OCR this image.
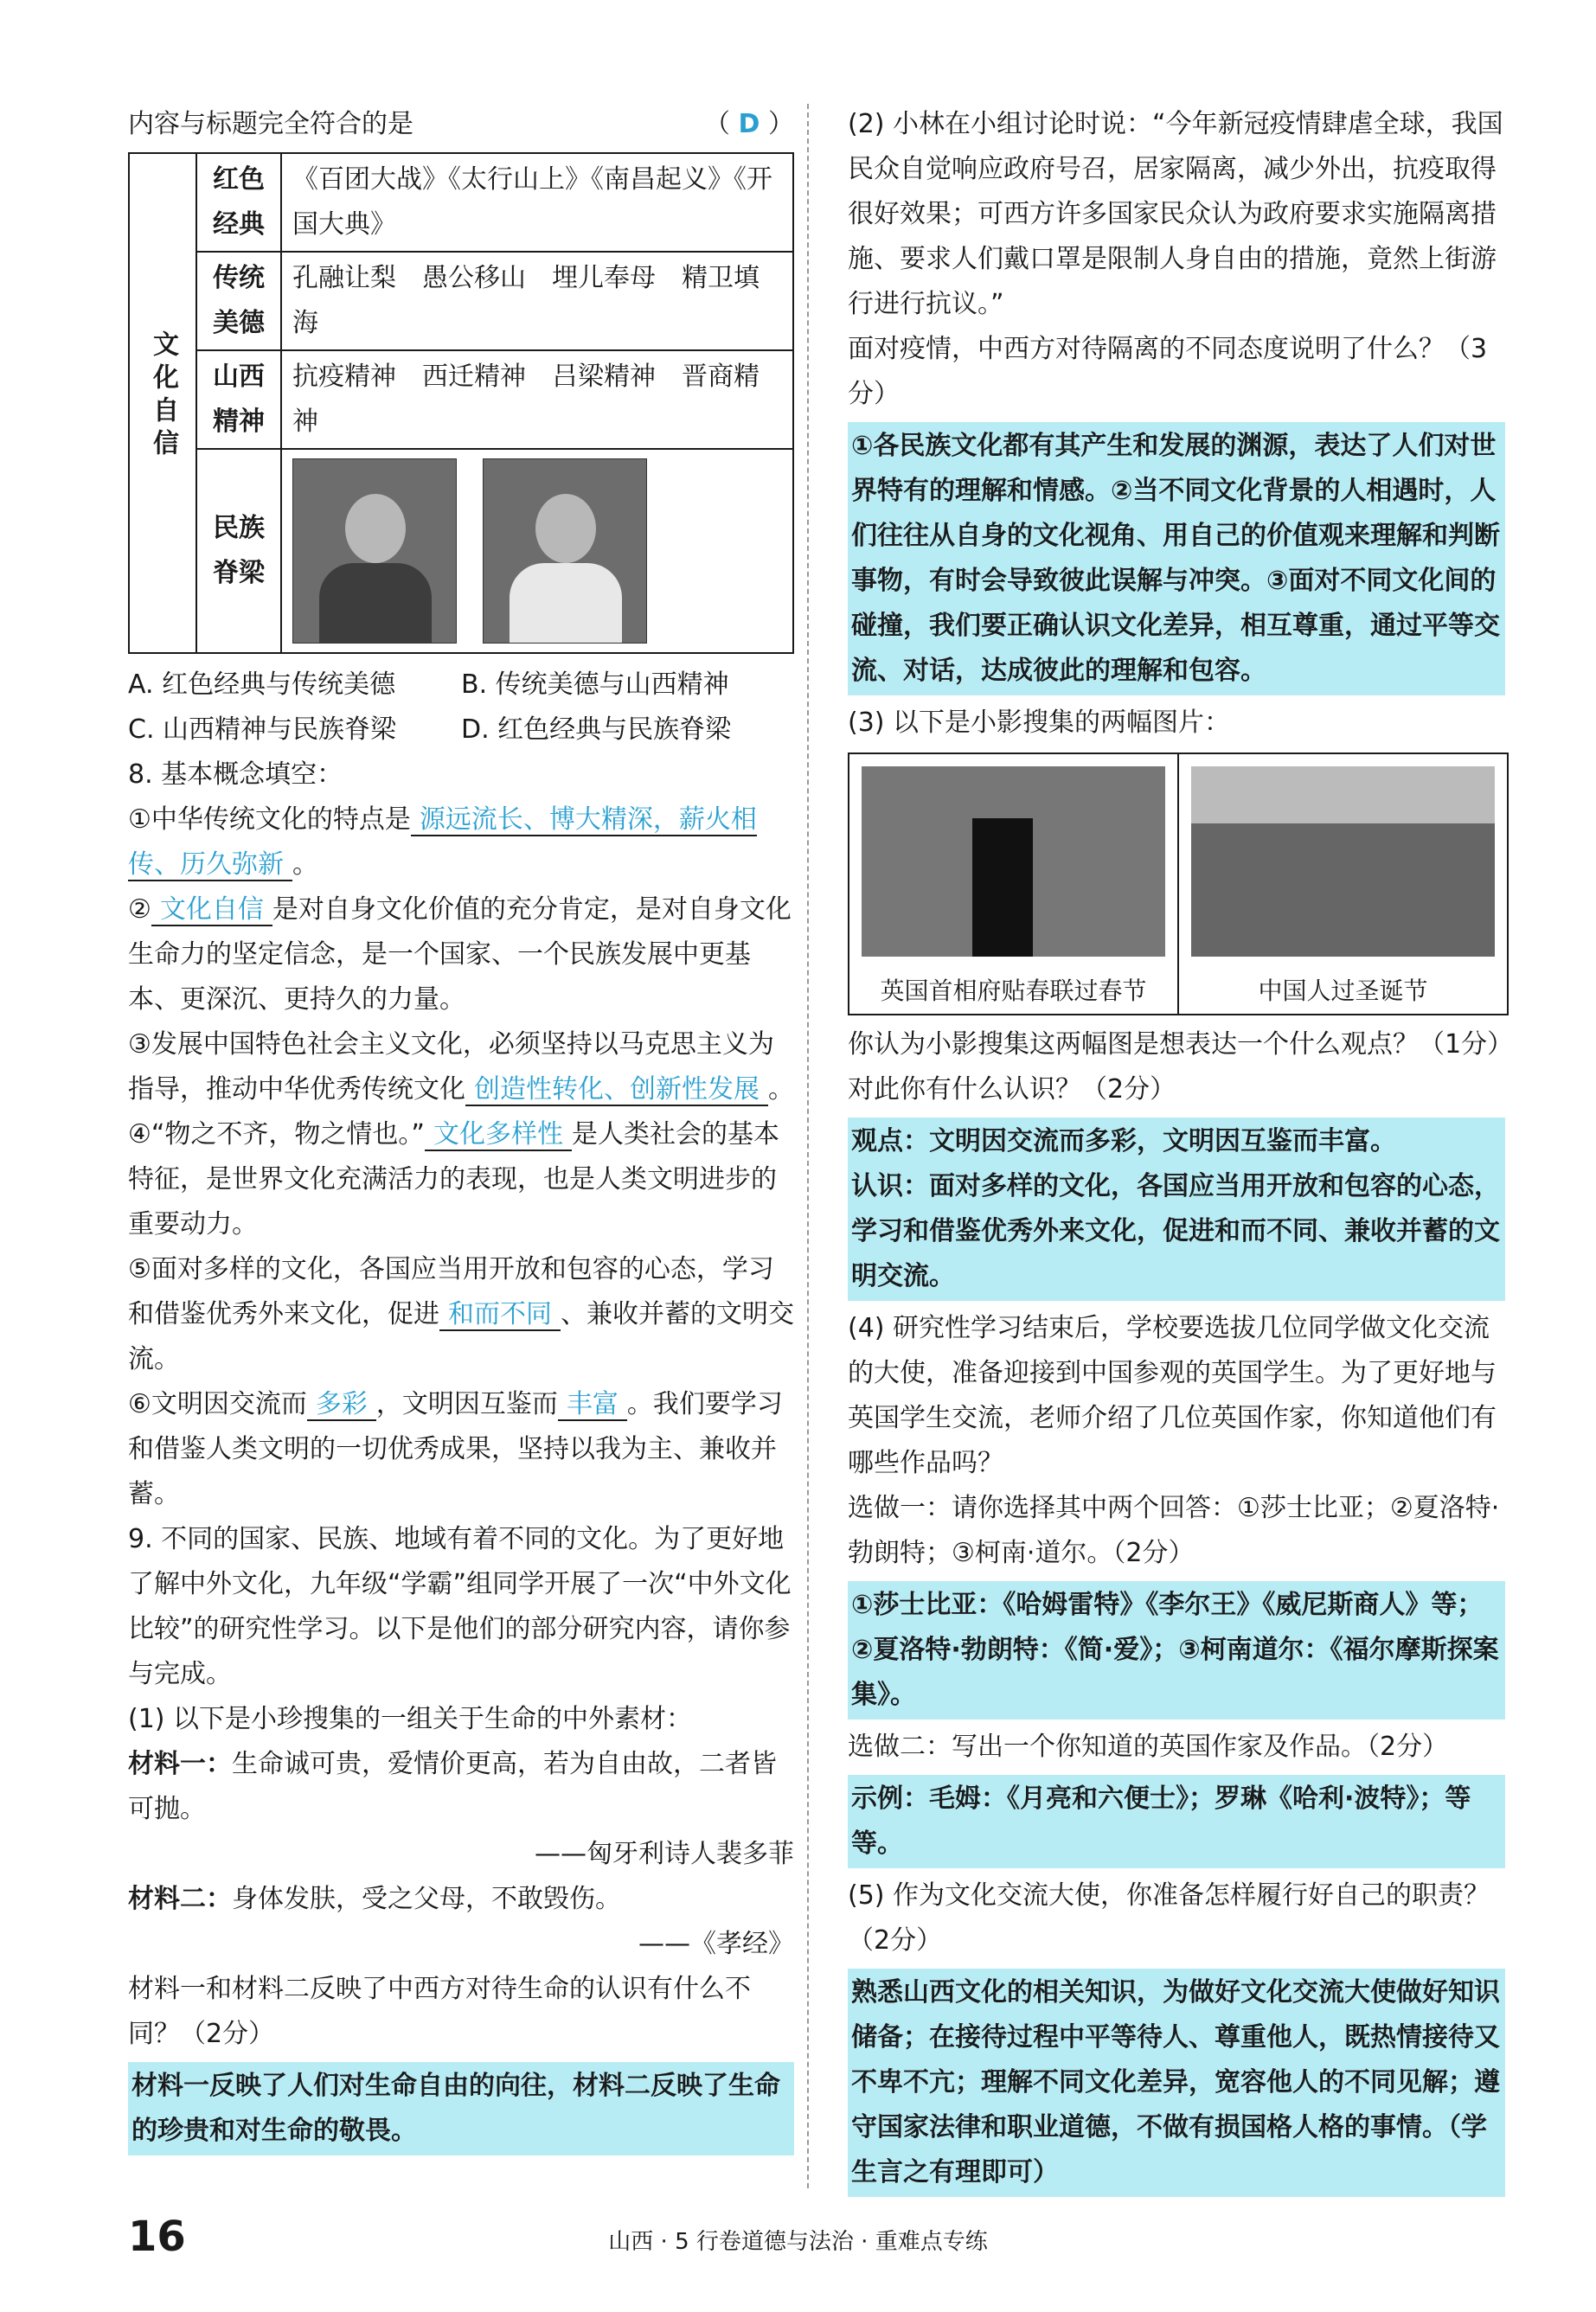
内容与标题完全符合的是	（ D ）
文化自信	红色经典	《百团大战》《太行山上》《南昌起义》《开国大典》
	传统美德	孔融让梨　愚公移山　埋儿奉母　精卫填海
	山西精神	抗疫精神　西迁精神　吕梁精神　晋商精神
	民族脊梁	

A. 红色经典与传统美德	B. 传统美德与山西精神
C. 山西精神与民族脊梁	D. 红色经典与民族脊梁

8. 基本概念填空：

①中华传统文化的特点是 源远流长、博大精深，薪火相传、历久弥新 。

② 文化自信 是对自身文化价值的充分肯定，是对自身文化生命力的坚定信念，是一个国家、一个民族发展中更基本、更深沉、更持久的力量。

③发展中国特色社会主义文化，必须坚持以马克思主义为指导，推动中华优秀传统文化 创造性转化、创新性发展 。

④“物之不齐，物之情也。” 文化多样性 是人类社会的基本特征，是世界文化充满活力的表现，也是人类文明进步的重要动力。

⑤面对多样的文化，各国应当用开放和包容的心态，学习和借鉴优秀外来文化，促进 和而不同 、兼收并蓄的文明交流。

⑥文明因交流而 多彩 ，文明因互鉴而 丰富 。我们要学习和借鉴人类文明的一切优秀成果，坚持以我为主、兼收并蓄。

9. 不同的国家、民族、地域有着不同的文化。为了更好地了解中外文化，九年级“学霸”组同学开展了一次“中外文化比较”的研究性学习。以下是他们的部分研究内容，请你参与完成。

(1) 以下是小珍搜集的一组关于生命的中外素材：

材料一：生命诚可贵，爱情价更高，若为自由故，二者皆可抛。

——匈牙利诗人裴多菲

材料二：身体发肤，受之父母，不敢毁伤。

——《孝经》

材料一和材料二反映了中西方对待生命的认识有什么不同？（2分）

材料一反映了人们对生命自由的向往，材料二反映了生命的珍贵和对生命的敬畏。

(2) 小林在小组讨论时说：“今年新冠疫情肆虐全球，我国民众自觉响应政府号召，居家隔离，减少外出，抗疫取得很好效果；可西方许多国家民众认为政府要求实施隔离措施、要求人们戴口罩是限制人身自由的措施，竟然上街游行进行抗议。”

面对疫情，中西方对待隔离的不同态度说明了什么？（3分）

①各民族文化都有其产生和发展的渊源，表达了人们对世界特有的理解和情感。②当不同文化背景的人相遇时，人们往往从自身的文化视角、用自己的价值观来理解和判断事物，有时会导致彼此误解与冲突。③面对不同文化间的碰撞，我们要正确认识文化差异，相互尊重，通过平等交流、对话，达成彼此的理解和包容。

(3) 以下是小影搜集的两幅图片：

英国首相府贴春联过春节	中国人过圣诞节

你认为小影搜集这两幅图是想表达一个什么观点？（1分）对此你有什么认识？（2分）

观点：文明因交流而多彩，文明因互鉴而丰富。

认识：面对多样的文化，各国应当用开放和包容的心态，学习和借鉴优秀外来文化，促进和而不同、兼收并蓄的文明交流。

(4) 研究性学习结束后，学校要选拔几位同学做文化交流的大使，准备迎接到中国参观的英国学生。为了更好地与英国学生交流，老师介绍了几位英国作家，你知道他们有哪些作品吗？

选做一：请你选择其中两个回答：①莎士比亚；②夏洛特·勃朗特；③柯南·道尔。（2分）

①莎士比亚：《哈姆雷特》《李尔王》《威尼斯商人》等；②夏洛特·勃朗特：《简·爱》；③柯南道尔：《福尔摩斯探案集》。

选做二：写出一个你知道的英国作家及作品。（2分）

示例：毛姆：《月亮和六便士》；罗琳《哈利·波特》；等等。

(5) 作为文化交流大使，你准备怎样履行好自己的职责？（2分）

熟悉山西文化的相关知识，为做好文化交流大使做好知识储备；在接待过程中平等待人、尊重他人，既热情接待又不卑不亢；理解不同文化差异，宽容他人的不同见解；遵守国家法律和职业道德，不做有损国格人格的事情。（学生言之有理即可）

16	山西 · 5 行卷道德与法治 · 重难点专练
